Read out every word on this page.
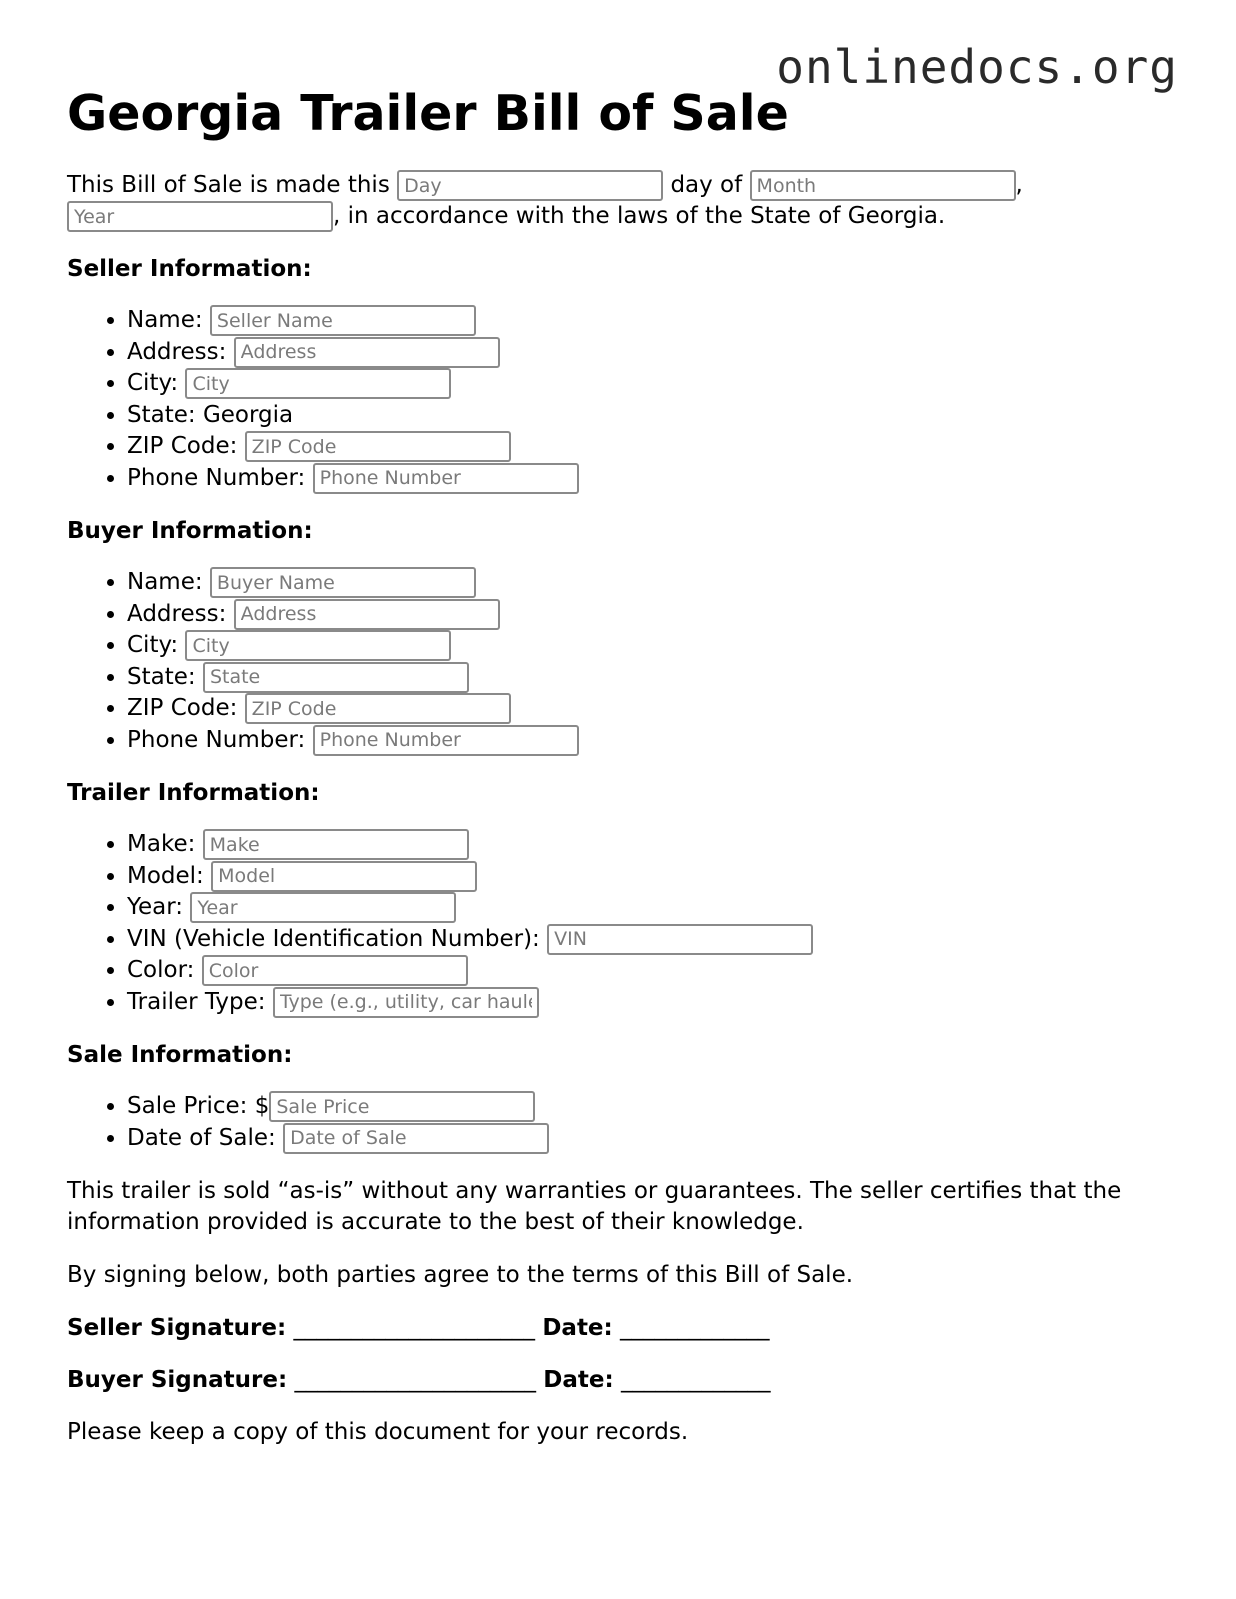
onlinedocs.org
Georgia Trailer Bill of Sale

This Bill of Sale is made this Day	day of Month	,
Year, in accordance with the laws of the State of Georgia.

Seller Information:
• Name: Seller Name
• Address: Address
• City: City
• State: Georgia
• ZIP Code: ZIP Code
• Phone Number: Phone Number
Buyer Information:
• Name: Buyer Name
• Address: Address
• City: City
• State: State
• ZIP Code: ZIP Code
• Phone Number: Phone Number
Trailer Information:
• Make: Make
• Model: Model
• Year: Year
• VIN (Vehicle Identification Number): VIN
• Color: Color
• Trailer Type: Type (e.g., utility, car hauler)
Sale Information:
• Sale Price: $Sale Price
• Date of Sale: Date of Sale

This trailer is sold “as-is” without any warranties or guarantees. The seller certifies that the information provided is accurate to the best of their knowledge.

By signing below, both parties agree to the terms of this Bill of Sale.

Seller Signature: _____________________ Date: _____________
Buyer Signature: _____________________ Date: _____________

Please keep a copy of this document for your records.
